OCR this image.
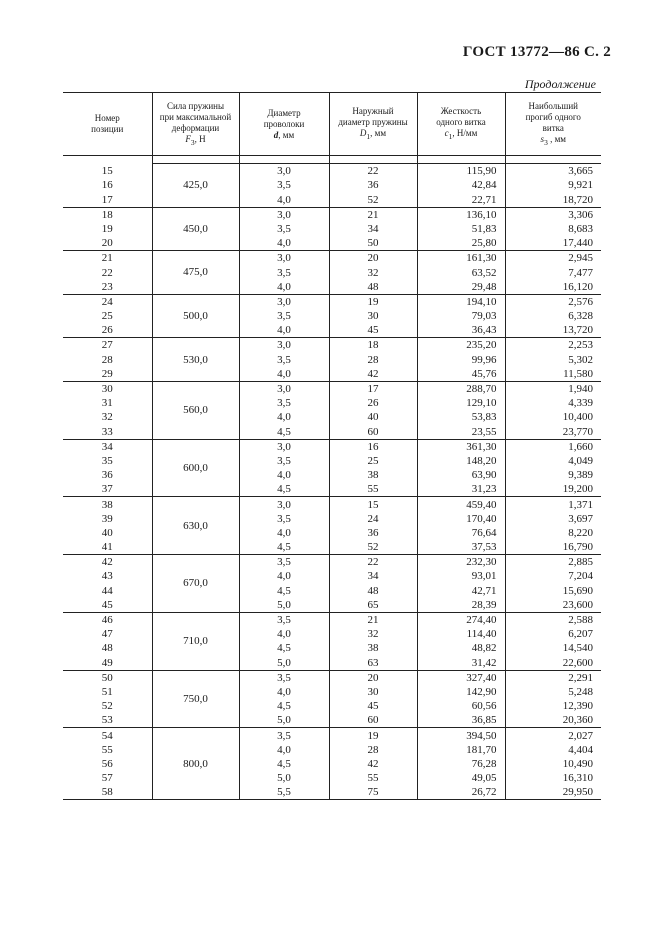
ГОСТ 13772—86 С. 2
Продолжение
Номер
позиции	Сила пружины
при максимальной
деформации
$F_3$, Н	Диаметр
проволоки
d, мм	Наружный
диаметр пружины
$D_1$, мм	Жесткость
одного витка
$c_1$, Н/мм	Наибольший
прогиб одного
витка
$s_3$ , мм

15	425,0	3,0	22	115,90	3,665
16		3,5	36	42,84	9,921
17		4,0	52	22,71	18,720
18	450,0	3,0	21	136,10	3,306
19		3,5	34	51,83	8,683
20		4,0	50	25,80	17,440
21	475,0	3,0	20	161,30	2,945
22		3,5	32	63,52	7,477
23		4,0	48	29,48	16,120
24	500,0	3,0	19	194,10	2,576
25		3,5	30	79,03	6,328
26		4,0	45	36,43	13,720
27	530,0	3,0	18	235,20	2,253
28		3,5	28	99,96	5,302
29		4,0	42	45,76	11,580
30	560,0	3,0	17	288,70	1,940
31		3,5	26	129,10	4,339
32		4,0	40	53,83	10,400
33		4,5	60	23,55	23,770
34	600,0	3,0	16	361,30	1,660
35		3,5	25	148,20	4,049
36		4,0	38	63,90	9,389
37		4,5	55	31,23	19,200
38	630,0	3,0	15	459,40	1,371
39		3,5	24	170,40	3,697
40		4,0	36	76,64	8,220
41		4,5	52	37,53	16,790
42	670,0	3,5	22	232,30	2,885
43		4,0	34	93,01	7,204
44		4,5	48	42,71	15,690
45		5,0	65	28,39	23,600
46	710,0	3,5	21	274,40	2,588
47		4,0	32	114,40	6,207
48		4,5	38	48,82	14,540
49		5,0	63	31,42	22,600
50	750,0	3,5	20	327,40	2,291
51		4,0	30	142,90	5,248
52		4,5	45	60,56	12,390
53		5,0	60	36,85	20,360
54	800,0	3,5	19	394,50	2,027
55		4,0	28	181,70	4,404
56		4,5	42	76,28	10,490
57		5,0	55	49,05	16,310
58		5,5	75	26,72	29,950
